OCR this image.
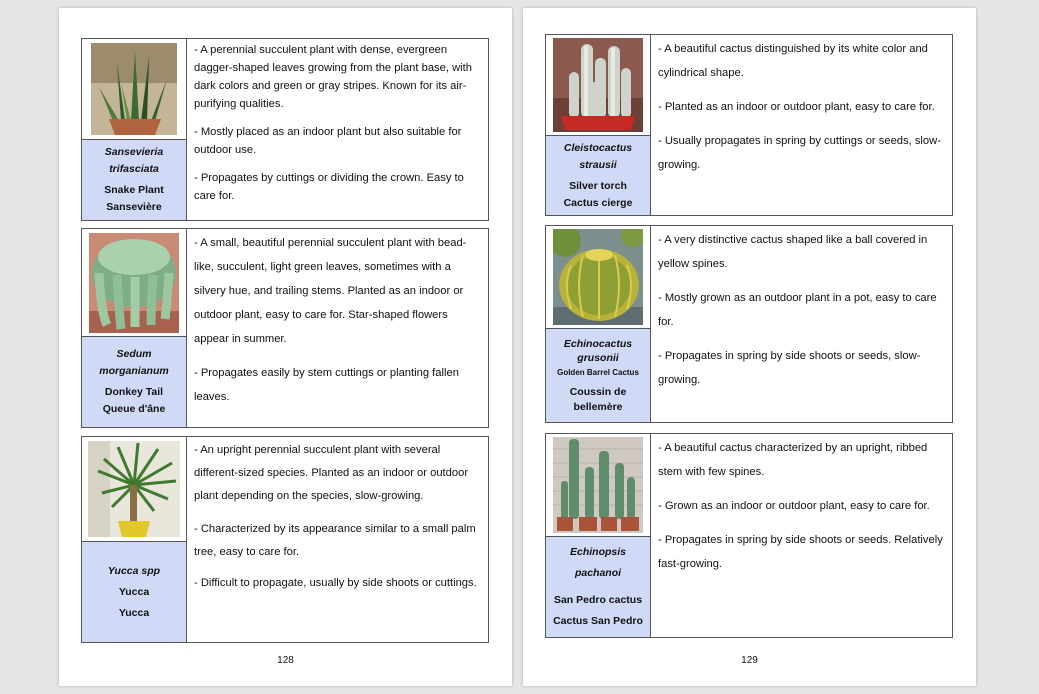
Sansevieria
trifasciata
Snake Plant
Sansevière

- A perennial succulent plant with dense, evergreen dagger-shaped leaves growing from the plant base, with dark colors and green or gray stripes. Known for its air-purifying qualities.

- Mostly placed as an indoor plant but also suitable for outdoor use.

- Propagates by cuttings or dividing the crown. Easy to care for.

Sedum
morganianum
Donkey Tail
Queue d'âne

- A small, beautiful perennial succulent plant with bead-like, succulent, light green leaves, sometimes with a silvery hue, and trailing stems. Planted as an indoor or outdoor plant, easy to care for. Star-shaped flowers appear in summer.

- Propagates easily by stem cuttings or planting fallen leaves.

Yucca spp
Yucca
Yucca

- An upright perennial succulent plant with several different-sized species. Planted as an indoor or outdoor plant depending on the species, slow-growing.

- Characterized by its appearance similar to a small palm tree, easy to care for.

- Difficult to propagate, usually by side shoots or cuttings.

128
Cleistocactus
strausii
Silver torch
Cactus cierge

- A beautiful cactus distinguished by its white color and cylindrical shape.

- Planted as an indoor or outdoor plant, easy to care for.

- Usually propagates in spring by cuttings or seeds, slow-growing.

Echinocactus
grusonii
Golden Barrel Cactus
Coussin de bellemère

- A very distinctive cactus shaped like a ball covered in yellow spines.

- Mostly grown as an outdoor plant in a pot, easy to care for.

- Propagates in spring by side shoots or seeds, slow-growing.

Echinopsis
pachanoi
San Pedro cactus
Cactus San Pedro

- A beautiful cactus characterized by an upright, ribbed stem with few spines.

- Grown as an indoor or outdoor plant, easy to care for.

- Propagates in spring by side shoots or seeds. Relatively fast-growing.

129
